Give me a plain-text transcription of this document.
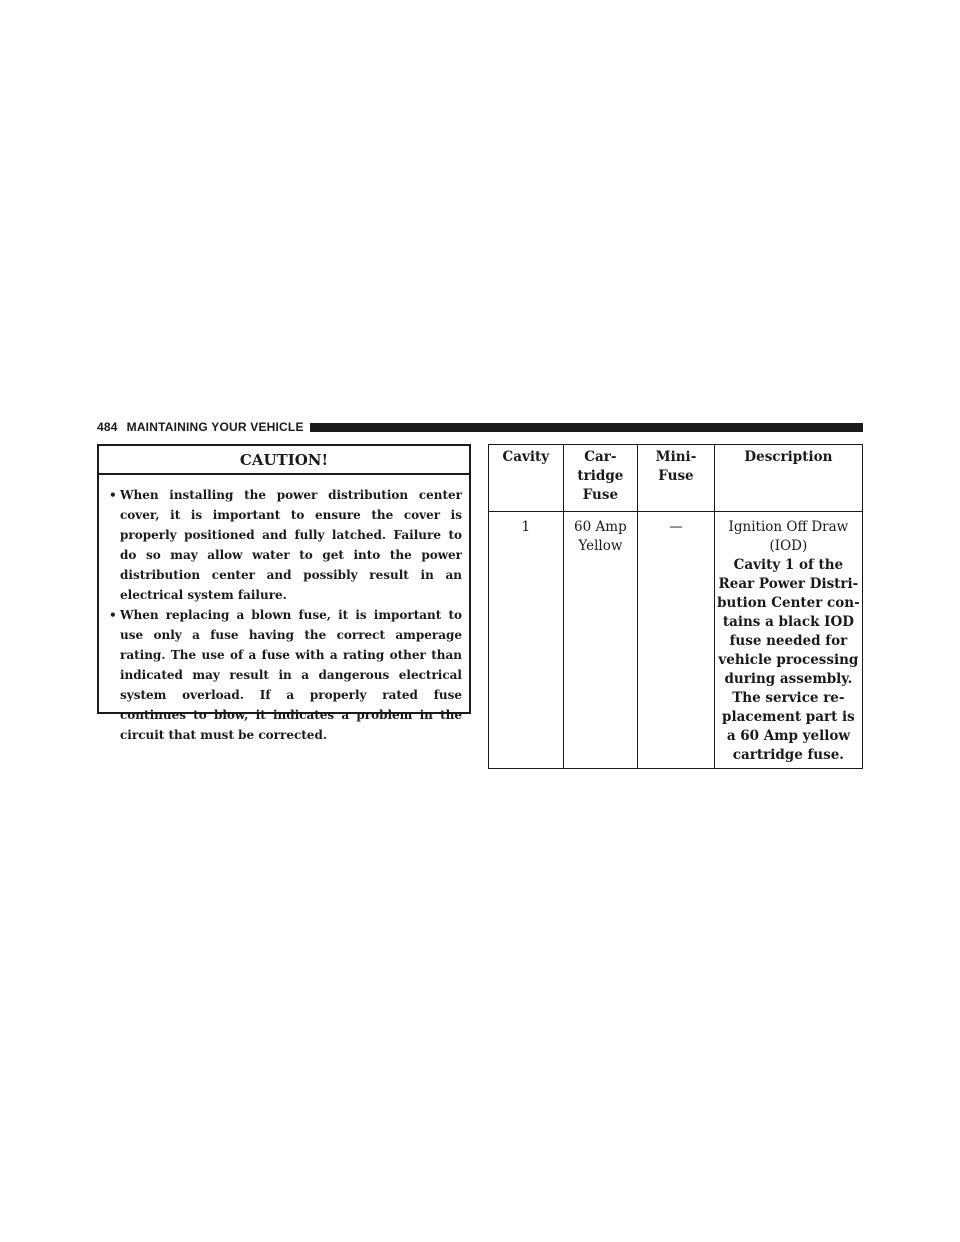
484 MAINTAINING YOUR VEHICLE
CAUTION!
• When installing the power distribution center cover, it is important to ensure the cover is properly positioned and fully latched. Failure to do so may allow water to get into the power distribution center and possibly result in an electrical system failure.
• When replacing a blown fuse, it is important to use only a fuse having the correct amperage rating. The use of a fuse with a rating other than indicated may result in a dangerous electrical system overload. If a properly rated fuse continues to blow, it indicates a problem in the circuit that must be corrected.
Cavity	Car-tridge Fuse	Mini-Fuse	Description
1	60 Amp Yellow	—	Ignition Off Draw (IOD)
Cavity 1 of the Rear Power Distri-bution Center con-tains a black IOD fuse needed for vehicle processing during assembly. The service re-placement part is a 60 Amp yellow cartridge fuse.
